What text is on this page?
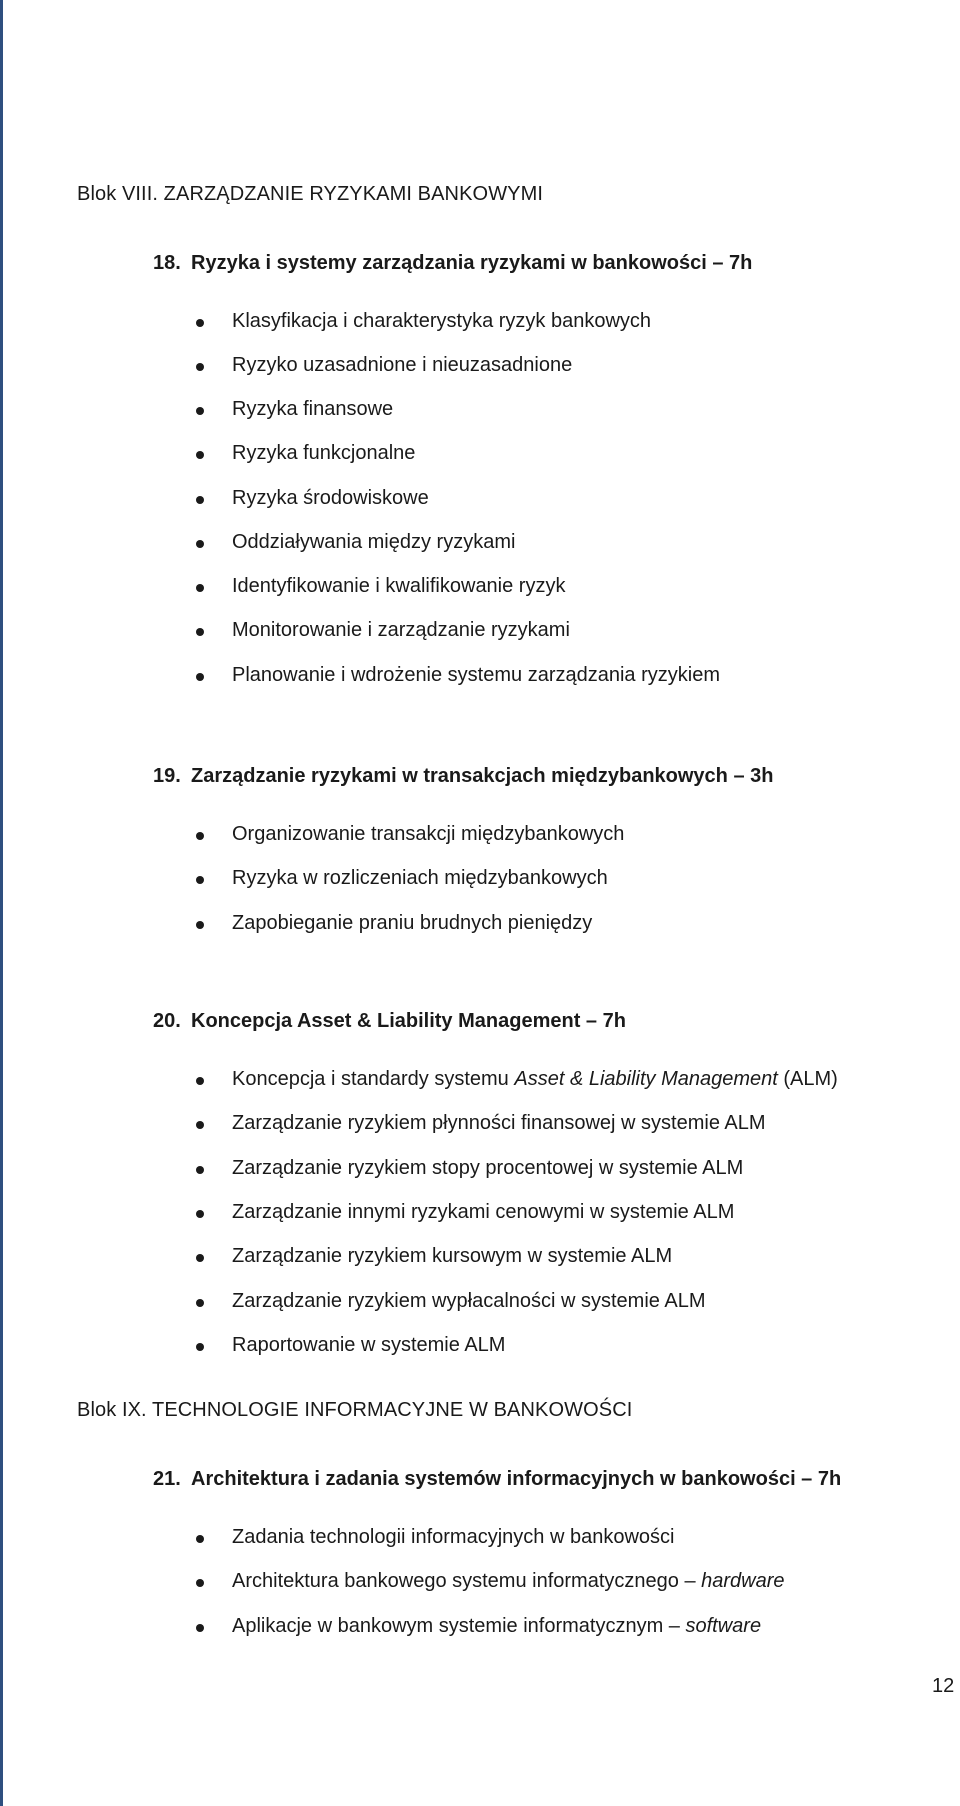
Blok VIII. ZARZĄDZANIE RYZYKAMI BANKOWYMI
18. Ryzyka i systemy zarządzania ryzykami w bankowości – 7h
Klasyfikacja i charakterystyka ryzyk bankowych
Ryzyko uzasadnione i nieuzasadnione
Ryzyka finansowe
Ryzyka funkcjonalne
Ryzyka środowiskowe
Oddziaływania między ryzykami
Identyfikowanie i kwalifikowanie ryzyk
Monitorowanie i zarządzanie ryzykami
Planowanie i wdrożenie systemu zarządzania ryzykiem
19. Zarządzanie ryzykami w transakcjach międzybankowych – 3h
Organizowanie transakcji międzybankowych
Ryzyka w rozliczeniach międzybankowych
Zapobieganie praniu brudnych pieniędzy
20. Koncepcja Asset & Liability Management – 7h
Koncepcja i standardy systemu Asset & Liability Management (ALM)
Zarządzanie ryzykiem płynności finansowej w systemie ALM
Zarządzanie ryzykiem stopy procentowej w systemie ALM
Zarządzanie innymi ryzykami cenowymi w systemie ALM
Zarządzanie ryzykiem kursowym w systemie ALM
Zarządzanie ryzykiem wypłacalności w systemie ALM
Raportowanie w systemie ALM
Blok IX. TECHNOLOGIE INFORMACYJNE W BANKOWOŚCI
21. Architektura i zadania systemów informacyjnych w bankowości – 7h
Zadania technologii informacyjnych w bankowości
Architektura bankowego systemu informatycznego – hardware
Aplikacje w bankowym systemie informatycznym – software
12
